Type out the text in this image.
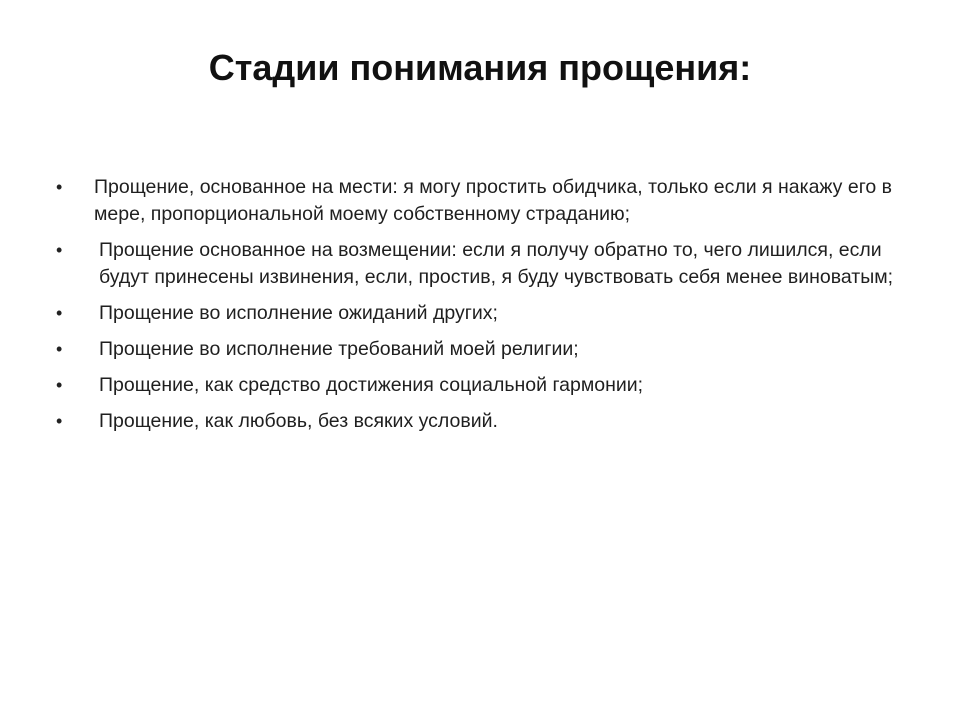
Стадии понимания прощения:
•	Прощение, основанное на мести: я могу простить обидчика, только если я накажу его в мере, пропорциональной моему собственному страданию;
•	Прощение основанное на возмещении: если я получу обратно то, чего лишился, если будут принесены извинения, если, простив, я буду чувствовать себя менее виноватым;
•	Прощение во исполнение ожиданий других;
•	Прощение во исполнение требований моей религии;
•	Прощение, как средство достижения социальной гармонии;
•	Прощение, как любовь, без всяких условий.
